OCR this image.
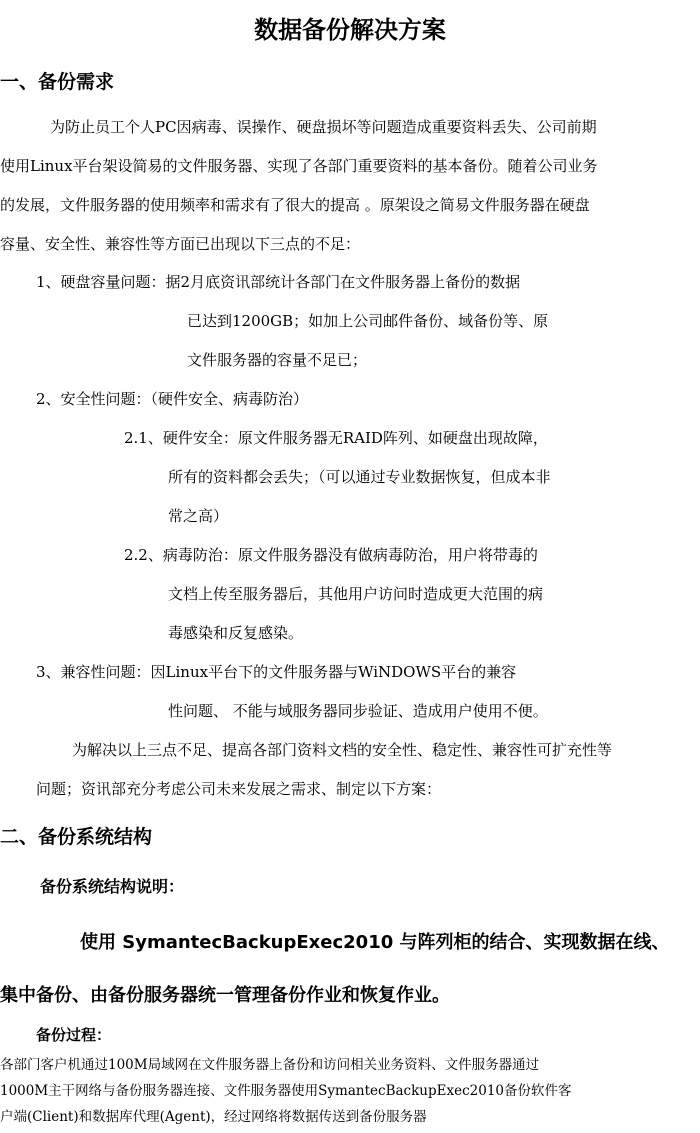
数据备份解决方案
一、备份需求
为防止员工个人PC因病毒、误操作、硬盘损坏等问题造成重要资料丢失、公司前期
使用Linux平台架设简易的文件服务器、实现了各部门重要资料的基本备份。随着公司业务
的发展，文件服务器的使用频率和需求有了很大的提高 。原架设之简易文件服务器在硬盘
容量、安全性、兼容性等方面已出现以下三点的不足：
1、硬盘容量问题：据2月底资讯部统计各部门在文件服务器上备份的数据
已达到1200GB；如加上公司邮件备份、域备份等、原
文件服务器的容量不足已；
2、安全性问题：（硬件安全、病毒防治）
2.1、硬件安全：原文件服务器无RAID阵列、如硬盘出现故障，
所有的资料都会丢失；（可以通过专业数据恢复，但成本非
常之高）
2.2、病毒防治：原文件服务器没有做病毒防治，用户将带毒的
文档上传至服务器后，其他用户访问时造成更大范围的病
毒感染和反复感染。
3、兼容性问题：因Linux平台下的文件服务器与WiNDOWS平台的兼容
性问题、 不能与域服务器同步验证、造成用户使用不便。
为解决以上三点不足、提高各部门资料文档的安全性、稳定性、兼容性可扩充性等
问题；资讯部充分考虑公司未来发展之需求、制定以下方案：
二、备份系统结构
备份系统结构说明：
使用 SymantecBackupExec2010 与阵列柜的结合、实现数据在线、
集中备份、由备份服务器统一管理备份作业和恢复作业。
备份过程：
各部门客户机通过100M局域网在文件服务器上备份和访问相关业务资料、文件服务器通过
1000M主干网络与备份服务器连接、文件服务器使用SymantecBackupExec2010备份软件客
户端(Client)和数据库代理(Agent)，经过网络将数据传送到备份服务器
